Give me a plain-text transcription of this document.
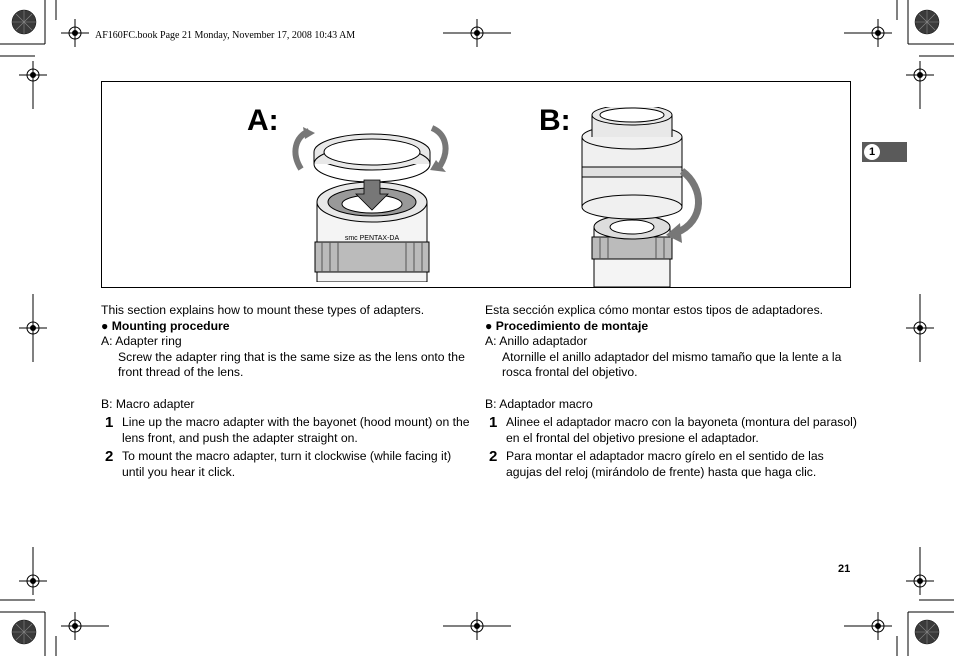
AF160FC.book Page 21 Monday, November 17, 2008 10:43 AM
A:	B:
smc PENTAX-DA
1

This section explains how to mount these types of adapters.

● Mounting procedure

A: Adapter ring

Screw the adapter ring that is the same size as the lens onto the front thread of the lens.

B: Macro adapter

1 Line up the macro adapter with the bayonet (hood mount) on the lens front, and push the adapter straight on.
2 To mount the macro adapter, turn it clockwise (while facing it) until you hear it click.

Esta sección explica cómo montar estos tipos de adaptadores.

● Procedimiento de montaje

A: Anillo adaptador

Atornille el anillo adaptador del mismo tamaño que la lente a la rosca frontal del objetivo.

B: Adaptador macro

1 Alinee el adaptador macro con la bayoneta (montura del parasol) en el frontal del objetivo presione el adaptador.
2 Para montar el adaptador macro gírelo en el sentido de las agujas del reloj (mirándolo de frente) hasta que haga clic.
21
